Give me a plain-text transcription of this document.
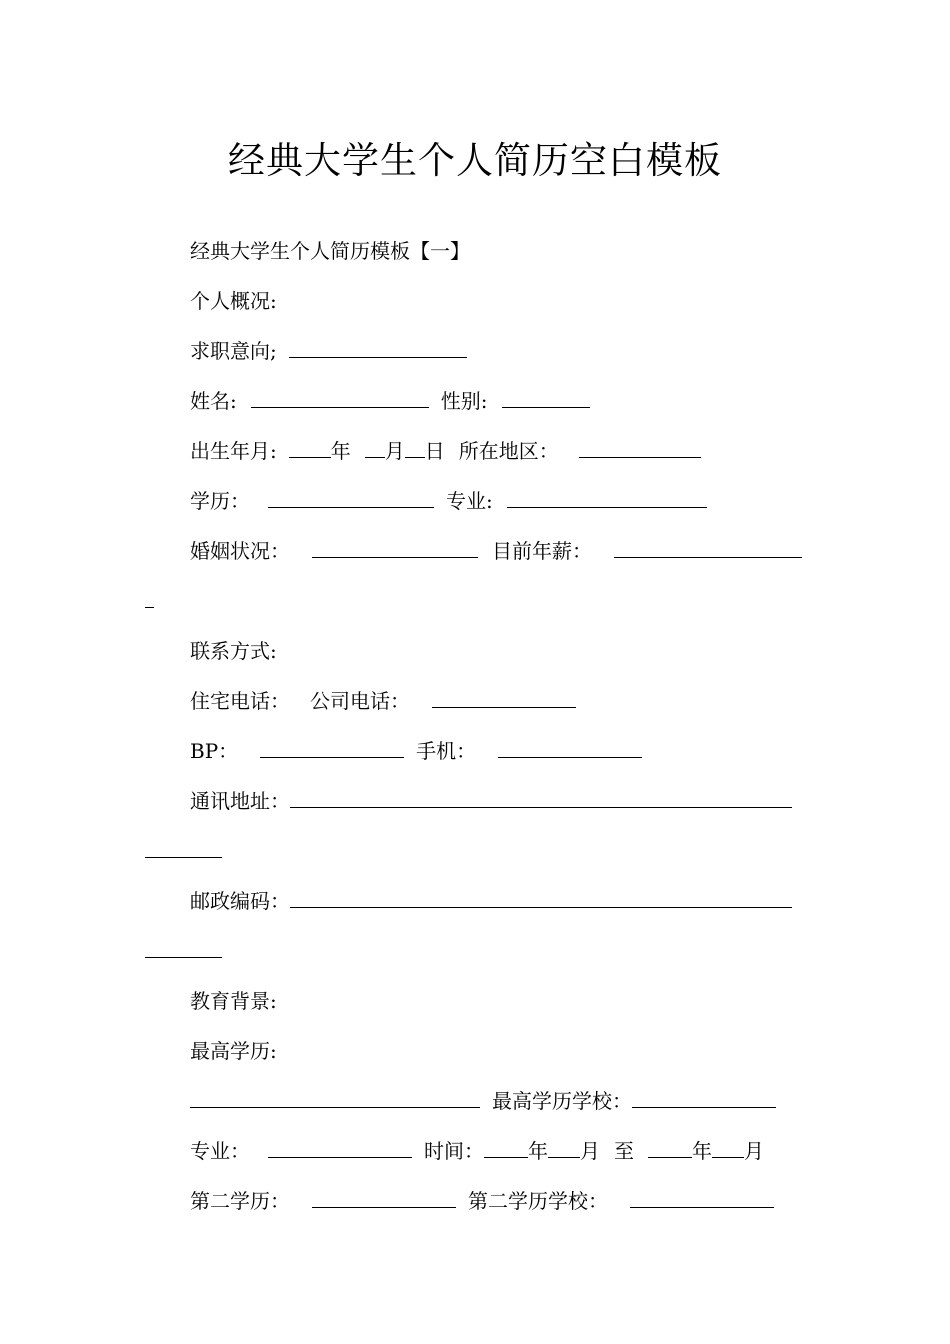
经典大学生个人简历空白模板
经典大学生个人简历模板【一】
个人概况:
求职意向;
姓名:	性别:
出生年月:	年 月 日 所在地区：
学历：	专业:
婚姻状况：	目前年薪：
联系方式:
住宅电话： 公司电话：
BP：	手机：
通讯地址：
邮政编码：
教育背景:
最高学历:
最高学历学校：
专业：	时间： 年 月 至	年 月
第二学历：	第二学历学校：
